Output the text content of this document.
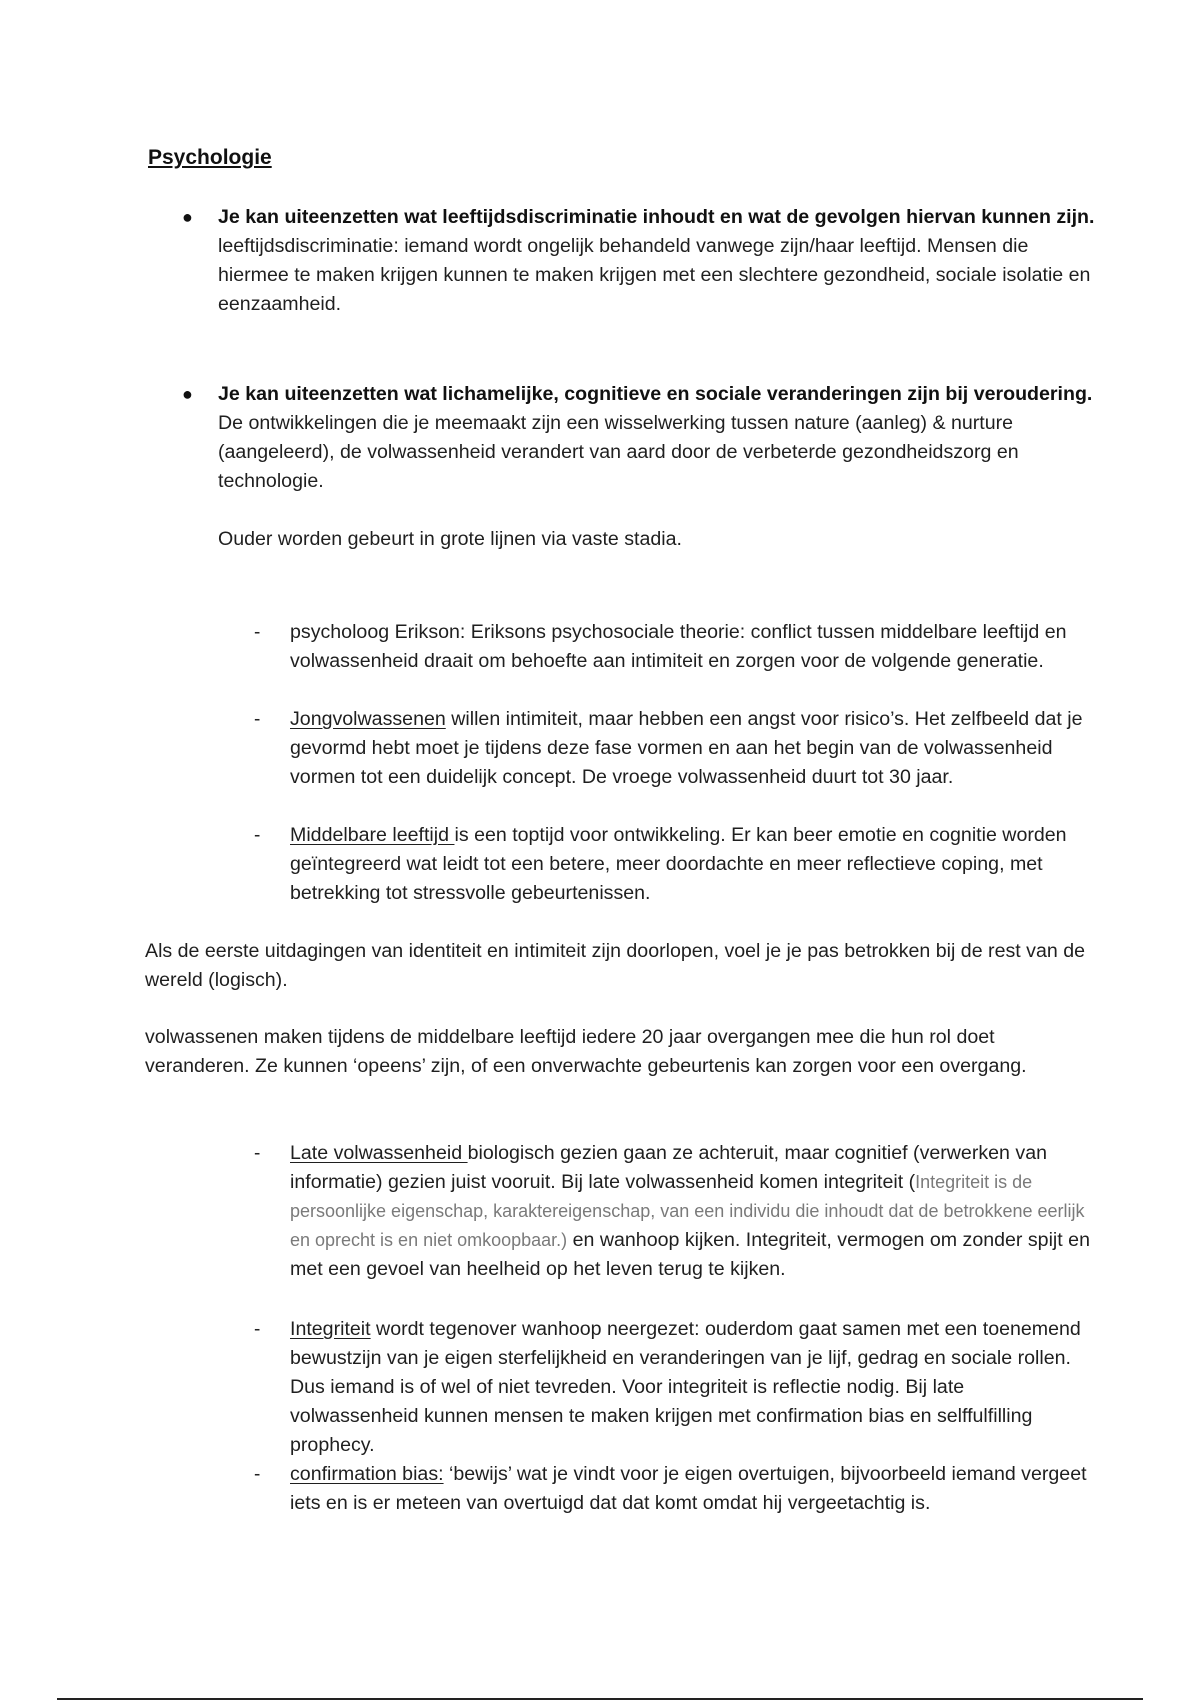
Psychologie
● Je kan uiteenzetten wat leeftijdsdiscriminatie inhoudt en wat de gevolgen hiervan kunnen zijn.
leeftijdsdiscriminatie: iemand wordt ongelijk behandeld vanwege zijn/haar leeftijd. Mensen die hiermee te maken krijgen kunnen te maken krijgen met een slechtere gezondheid, sociale isolatie en eenzaamheid.
● Je kan uiteenzetten wat lichamelijke, cognitieve en sociale veranderingen zijn bij veroudering.
De ontwikkelingen die je meemaakt zijn een wisselwerking tussen nature (aanleg) & nurture (aangeleerd), de volwassenheid verandert van aard door de verbeterde gezondheidszorg en technologie.
Ouder worden gebeurt in grote lijnen via vaste stadia.
- psycholoog Erikson: Eriksons psychosociale theorie: conflict tussen middelbare leeftijd en volwassenheid draait om behoefte aan intimiteit en zorgen voor de volgende generatie.
- Jongvolwassenen willen intimiteit, maar hebben een angst voor risico’s. Het zelfbeeld dat je gevormd hebt moet je tijdens deze fase vormen en aan het begin van de volwassenheid vormen tot een duidelijk concept. De vroege volwassenheid duurt tot 30 jaar.
- Middelbare leeftijd is een toptijd voor ontwikkeling. Er kan beer emotie en cognitie worden geïntegreerd wat leidt tot een betere, meer doordachte en meer reflectieve coping, met betrekking tot stressvolle gebeurtenissen.
Als de eerste uitdagingen van identiteit en intimiteit zijn doorlopen, voel je je pas betrokken bij de rest van de wereld (logisch).
volwassenen maken tijdens de middelbare leeftijd iedere 20 jaar overgangen mee die hun rol doet veranderen. Ze kunnen ‘opeens’ zijn, of een onverwachte gebeurtenis kan zorgen voor een overgang.
- Late volwassenheid biologisch gezien gaan ze achteruit, maar cognitief (verwerken van informatie) gezien juist vooruit. Bij late volwassenheid komen integriteit (Integriteit is de persoonlijke eigenschap, karaktereigenschap, van een individu die inhoudt dat de betrokkene eerlijk en oprecht is en niet omkoopbaar.) en wanhoop kijken. Integriteit, vermogen om zonder spijt en met een gevoel van heelheid op het leven terug te kijken.
- Integriteit wordt tegenover wanhoop neergezet: ouderdom gaat samen met een toenemend bewustzijn van je eigen sterfelijkheid en veranderingen van je lijf, gedrag en sociale rollen. Dus iemand is of wel of niet tevreden. Voor integriteit is reflectie nodig. Bij late volwassenheid kunnen mensen te maken krijgen met confirmation bias en selffulfilling prophecy.
- confirmation bias: ‘bewijs’ wat je vindt voor je eigen overtuigen, bijvoorbeeld iemand vergeet iets en is er meteen van overtuigd dat dat komt omdat hij vergeetachtig is.
